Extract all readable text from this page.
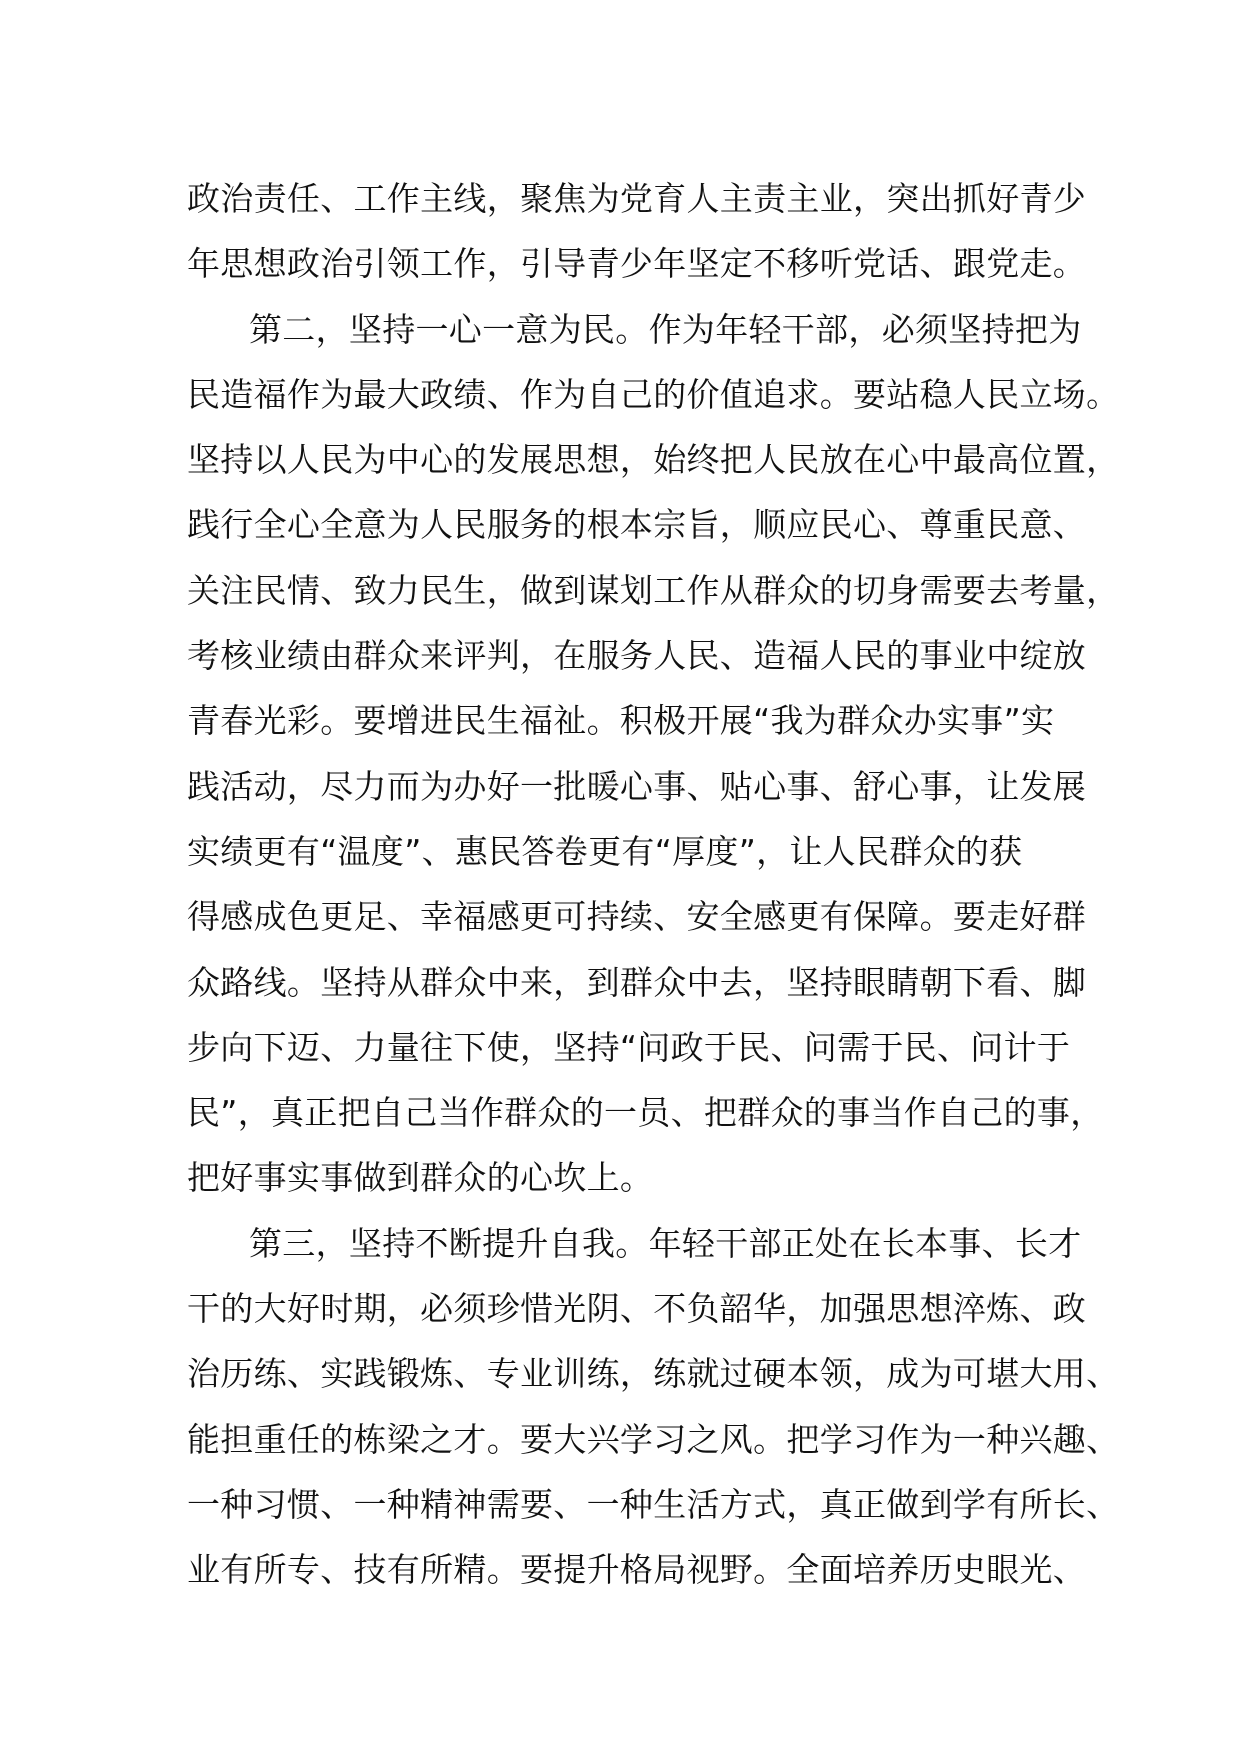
政治责任、工作主线，聚焦为党育人主责主业，突出抓好青少
年思想政治引领工作，引导青少年坚定不移听党话、跟党走。
第二，坚持一心一意为民。作为年轻干部，必须坚持把为
民造福作为最大政绩、作为自己的价值追求。要站稳人民立场。
坚持以人民为中心的发展思想，始终把人民放在心中最高位置，
践行全心全意为人民服务的根本宗旨，顺应民心、尊重民意、
关注民情、致力民生，做到谋划工作从群众的切身需要去考量，
考核业绩由群众来评判，在服务人民、造福人民的事业中绽放
青春光彩。要增进民生福祉。积极开展“我为群众办实事”实
践活动，尽力而为办好一批暖心事、贴心事、舒心事，让发展
实绩更有“温度”、惠民答卷更有“厚度”，让人民群众的获
得感成色更足、幸福感更可持续、安全感更有保障。要走好群
众路线。坚持从群众中来，到群众中去，坚持眼睛朝下看、脚
步向下迈、力量往下使，坚持“问政于民、问需于民、问计于
民”，真正把自己当作群众的一员、把群众的事当作自己的事，
把好事实事做到群众的心坎上。
第三，坚持不断提升自我。年轻干部正处在长本事、长才
干的大好时期，必须珍惜光阴、不负韶华，加强思想淬炼、政
治历练、实践锻炼、专业训练，练就过硬本领，成为可堪大用、
能担重任的栋梁之才。要大兴学习之风。把学习作为一种兴趣、
一种习惯、一种精神需要、一种生活方式，真正做到学有所长、
业有所专、技有所精。要提升格局视野。全面培养历史眼光、
